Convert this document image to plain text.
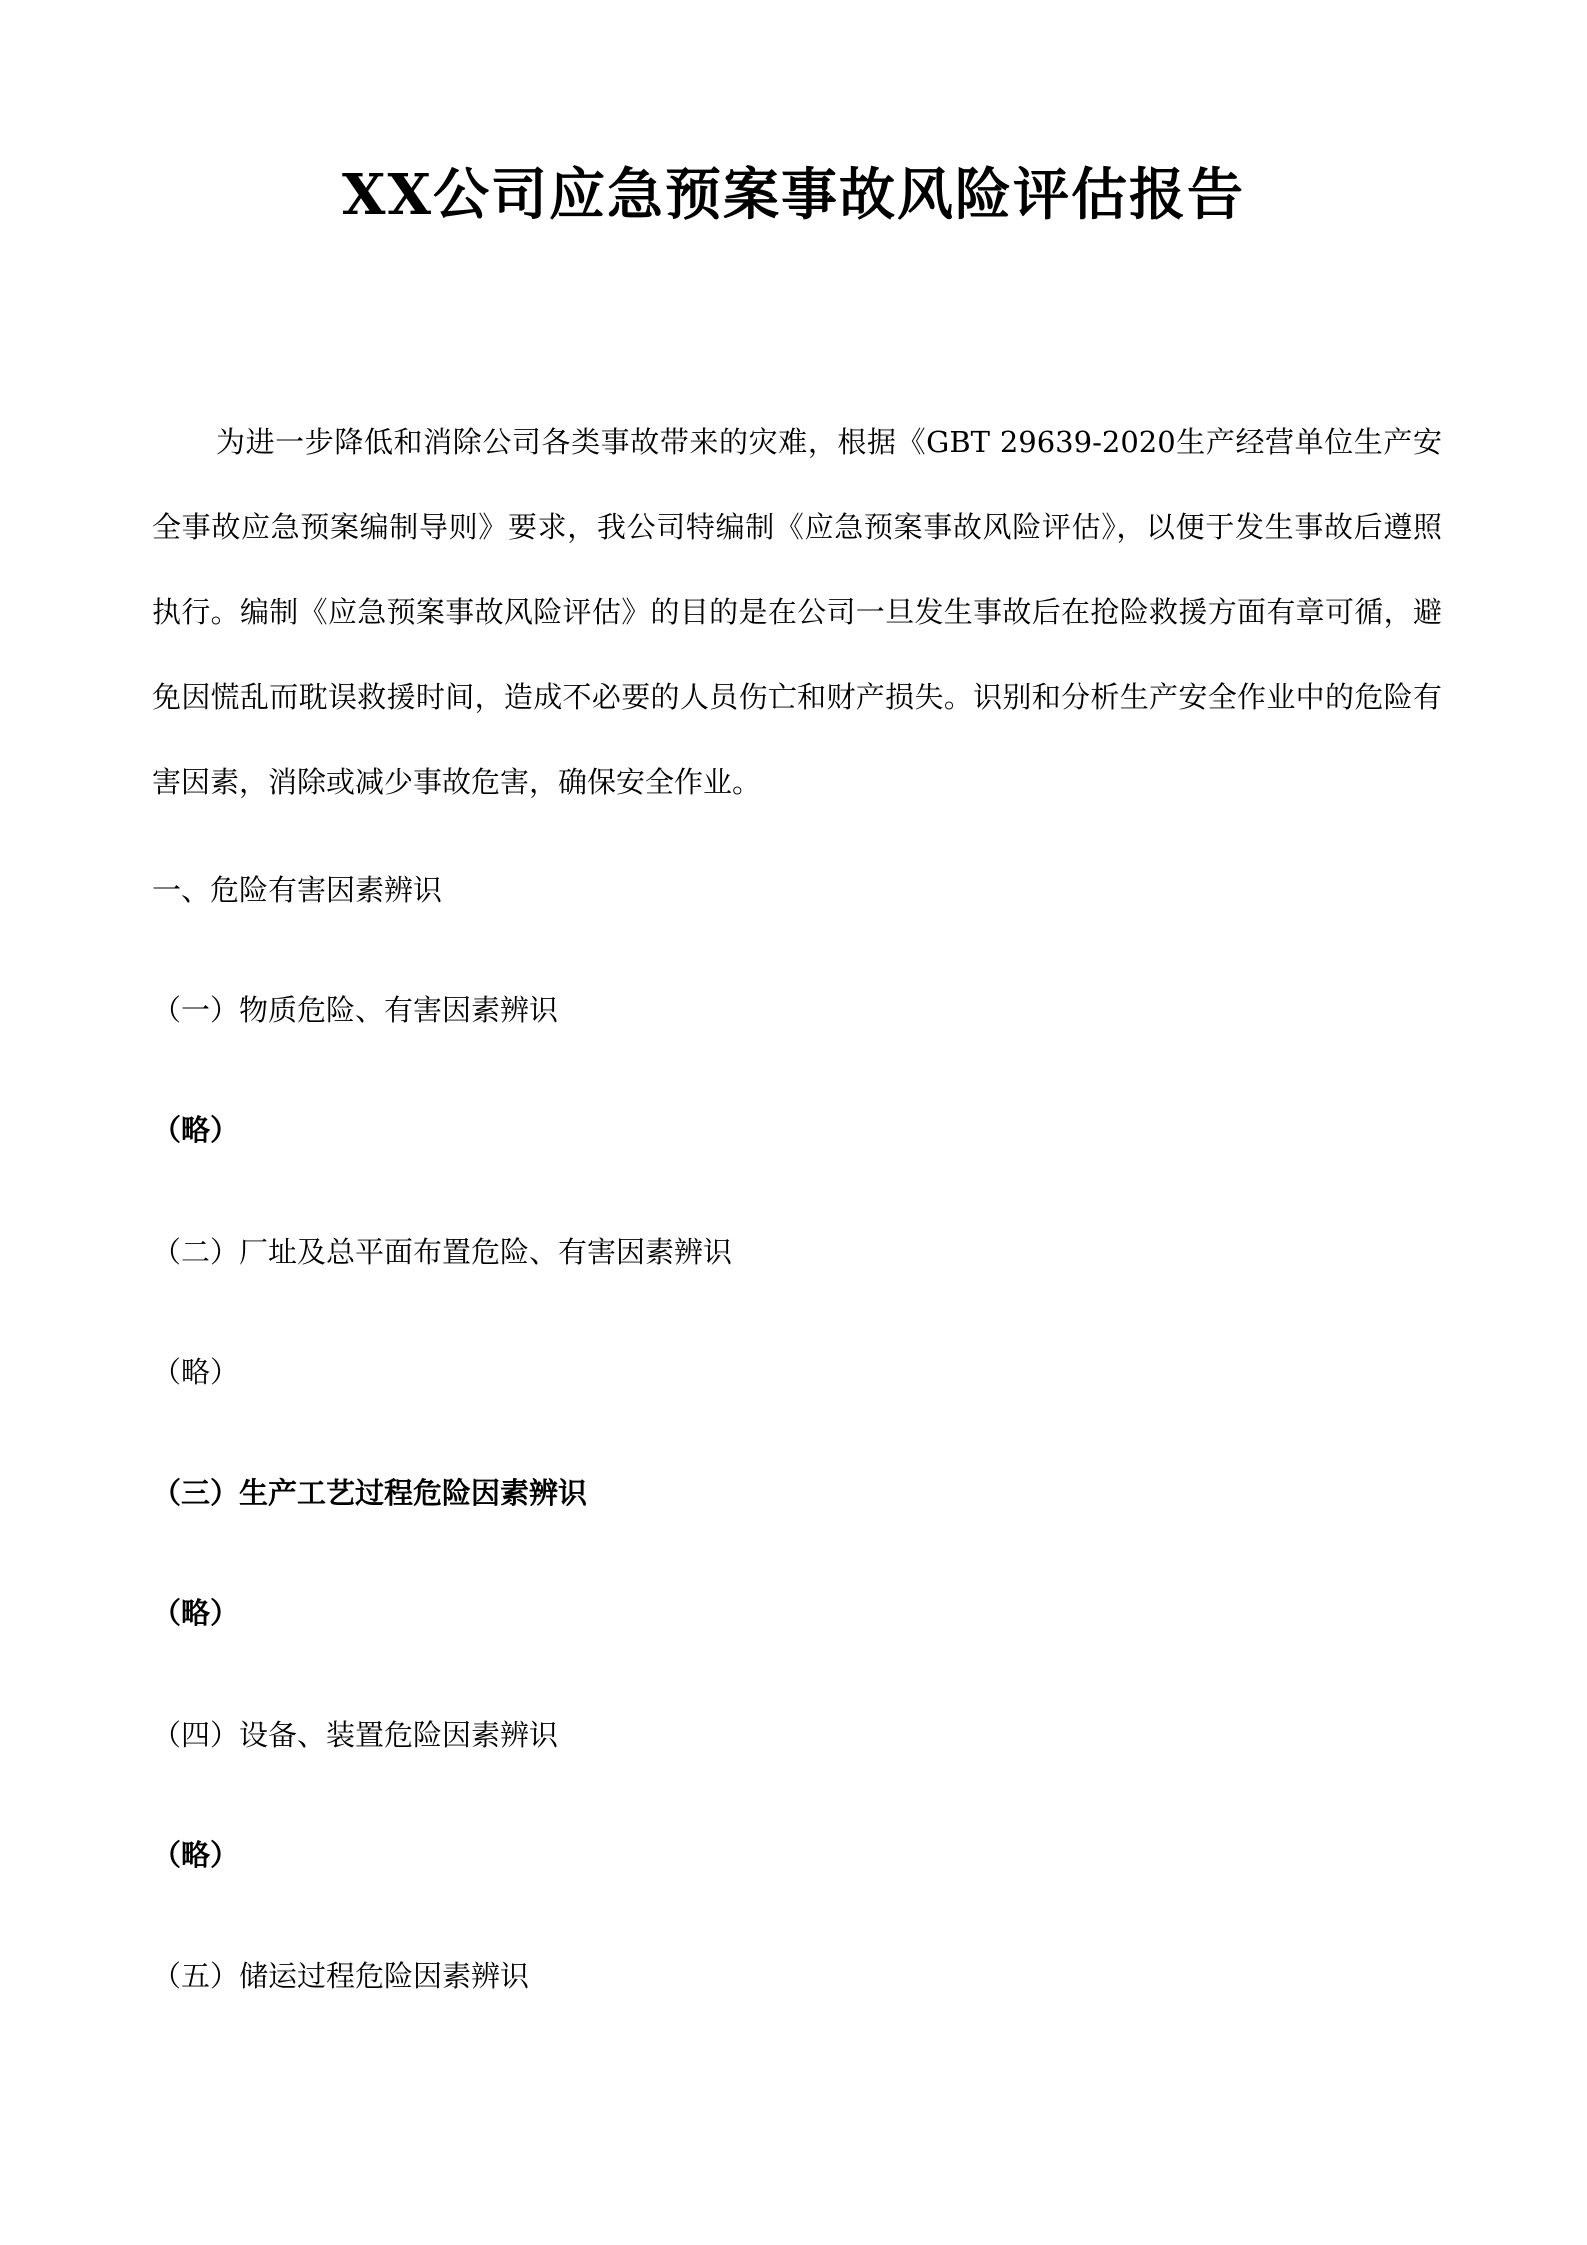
XX公司应急预案事故风险评估报告

为进一步降低和消除公司各类事故带来的灾难，根据《GBT 29639-2020生产经营单位生产安全事故应急预案编制导则》要求，我公司特编制《应急预案事故风险评估》，以便于发生事故后遵照执行。编制《应急预案事故风险评估》的目的是在公司一旦发生事故后在抢险救援方面有章可循，避免因慌乱而耽误救援时间，造成不必要的人员伤亡和财产损失。识别和分析生产安全作业中的危险有害因素，消除或减少事故危害，确保安全作业。

一、危险有害因素辨识
（一）物质危险、有害因素辨识
（略）
（二）厂址及总平面布置危险、有害因素辨识
（略）
（三）生产工艺过程危险因素辨识
（略）
（四）设备、装置危险因素辨识
（略）
（五）储运过程危险因素辨识
